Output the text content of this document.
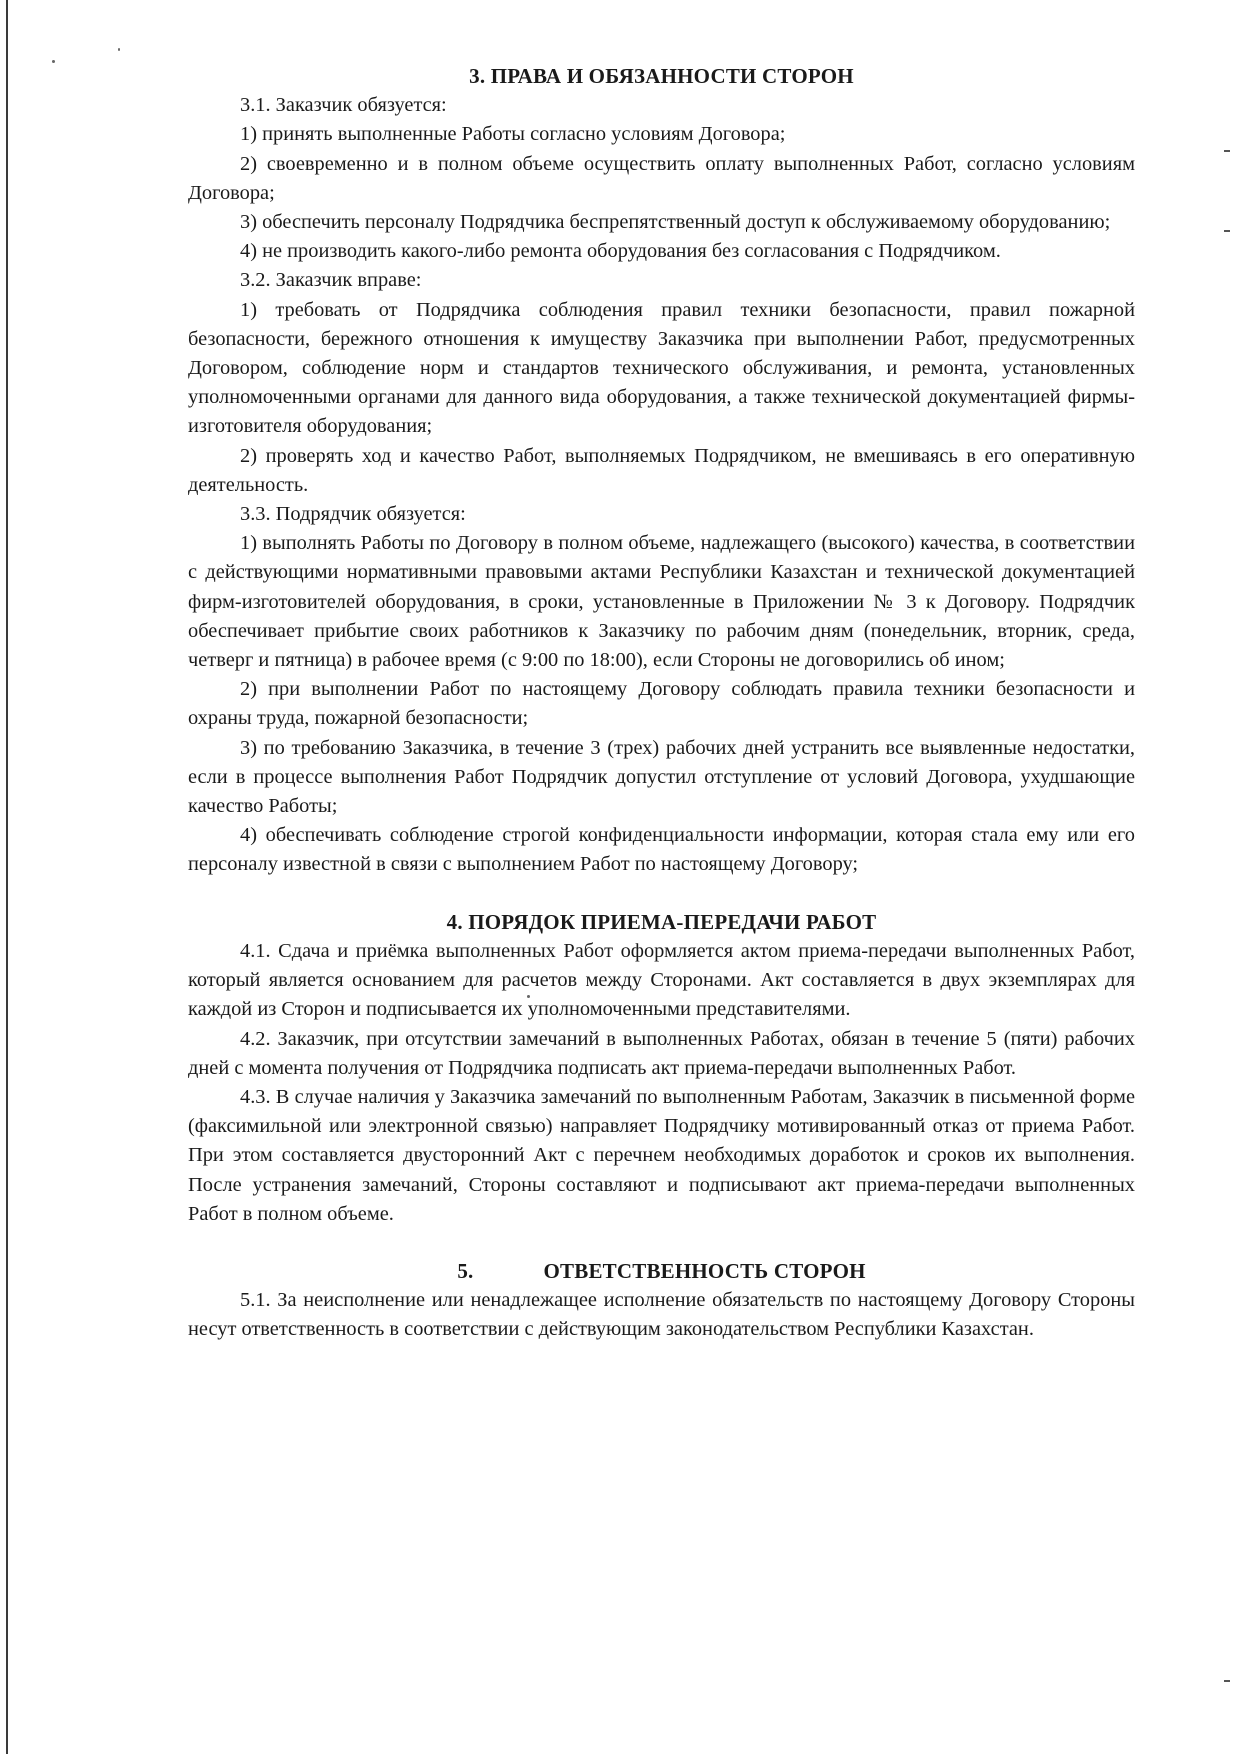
3. ПРАВА И ОБЯЗАННОСТИ СТОРОН

3.1. Заказчик обязуется:

1) принять выполненные Работы согласно условиям Договора;

2) своевременно и в полном объеме осуществить оплату выполненных Работ, согласно условиям Договора;

3) обеспечить персоналу Подрядчика беспрепятственный доступ к обслуживаемому оборудованию;

4) не производить какого-либо ремонта оборудования без согласования с Подрядчиком.

3.2. Заказчик вправе:

1) требовать от Подрядчика соблюдения правил техники безопасности, правил пожарной безопасности, бережного отношения к имуществу Заказчика при выполнении Работ, предусмотренных Договором, соблюдение норм и стандартов технического обслуживания, и ремонта, установленных уполномоченными органами для данного вида оборудования, а также технической документацией фирмы-изготовителя оборудования;

2) проверять ход и качество Работ, выполняемых Подрядчиком, не вмешиваясь в его оперативную деятельность.

3.3. Подрядчик обязуется:

1) выполнять Работы по Договору в полном объеме, надлежащего (высокого) качества, в соответствии с действующими нормативными правовыми актами Республики Казахстан и технической документацией фирм-изготовителей оборудования, в сроки, установленные в Приложении № 3 к Договору. Подрядчик обеспечивает прибытие своих работников к Заказчику по рабочим дням (понедельник, вторник, среда, четверг и пятница) в рабочее время (с 9:00 по 18:00), если Стороны не договорились об ином;

2) при выполнении Работ по настоящему Договору соблюдать правила техники безопасности и охраны труда, пожарной безопасности;

3) по требованию Заказчика, в течение 3 (трех) рабочих дней устранить все выявленные недостатки, если в процессе выполнения Работ Подрядчик допустил отступление от условий Договора, ухудшающие качество Работы;

4) обеспечивать соблюдение строгой конфиденциальности информации, которая стала ему или его персоналу известной в связи с выполнением Работ по настоящему Договору;

4. ПОРЯДОК ПРИЕМА-ПЕРЕДАЧИ РАБОТ

4.1. Сдача и приёмка выполненных Работ оформляется актом приема-передачи выполненных Работ, который является основанием для расчетов между Сторонами. Акт составляется в двух экземплярах для каждой из Сторон и подписывается их уполномоченными представителями.

4.2. Заказчик, при отсутствии замечаний в выполненных Работах, обязан в течение 5 (пяти) рабочих дней с момента получения от Подрядчика подписать акт приема-передачи выполненных Работ.

4.3. В случае наличия у Заказчика замечаний по выполненным Работам, Заказчик в письменной форме (факсимильной или электронной связью) направляет Подрядчику мотивированный отказ от приема Работ. При этом составляется двусторонний Акт с перечнем необходимых доработок и сроков их выполнения. После устранения замечаний, Стороны составляют и подписывают акт приема-передачи выполненных Работ в полном объеме.

5.	ОТВЕТСТВЕННОСТЬ СТОРОН

5.1. За неисполнение или ненадлежащее исполнение обязательств по настоящему Договору Стороны несут ответственность в соответствии с действующим законодательством Республики Казахстан.
